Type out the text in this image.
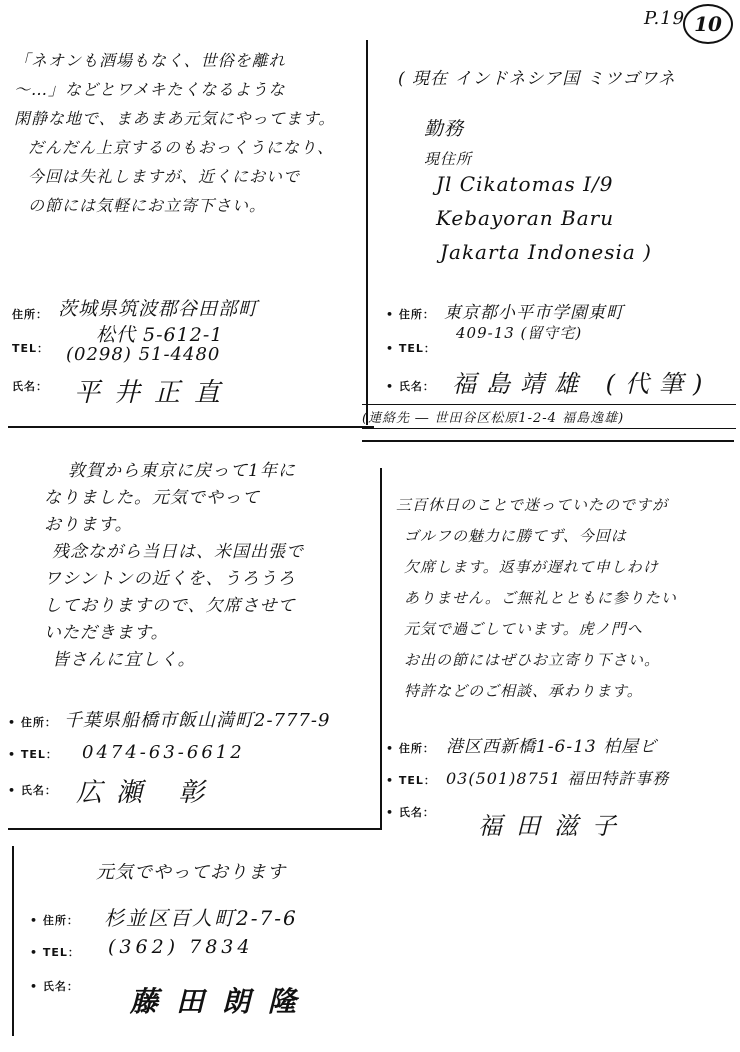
P.19 10
「ネオンも酒場もなく、世俗を離れ
〜…」などとワメキたくなるような
閑静な地で、まあまあ元気にやってます。
だんだん上京するのもおっくうになり、
今回は失礼しますが、近くにおいで
の節には気軽にお立寄下さい。
住所： 茨城県筑波郡谷田部町
松代 5-612-1
TEL： (0298) 51-4480
氏名： 平井正直
( 現在 インドネシア国 ミツゴワネ
勤務
現住所
Jl Cikatomas I/9
Kebayoran Baru
Jakarta Indonesia )
• 住所： 東京都小平市学園東町
409-13 (留守宅)
• TEL：
• 氏名： 福島靖雄 (代筆)
(連絡先 ― 世田谷区松原1-2-4 福島逸雄)
敦賀から東京に戻って1年に
なりました。元気でやって
おります。
残念ながら当日は、米国出張で
ワシントンの近くを、うろうろ
しておりますので、欠席させて
いただきます。
皆さんに宜しく。
• 住所： 千葉県船橋市飯山満町2-777-9
• TEL： 0474-63-6612
• 氏名： 広瀬 彰
三百休日のことで迷っていたのですが
ゴルフの魅力に勝てず、今回は
欠席します。返事が遅れて申しわけ
ありません。ご無礼とともに参りたい
元気で過ごしています。虎ノ門へ
お出の節にはぜひお立寄り下さい。
特許などのご相談、承わります。
• 住所： 港区西新橋1-6-13 柏屋ビ
• TEL： 03(501)8751 福田特許事務
• 氏名： 福田滋子
元気でやっております
• 住所： 杉並区百人町2-7-6
• TEL： (362) 7834
• 氏名： 藤田朗隆
